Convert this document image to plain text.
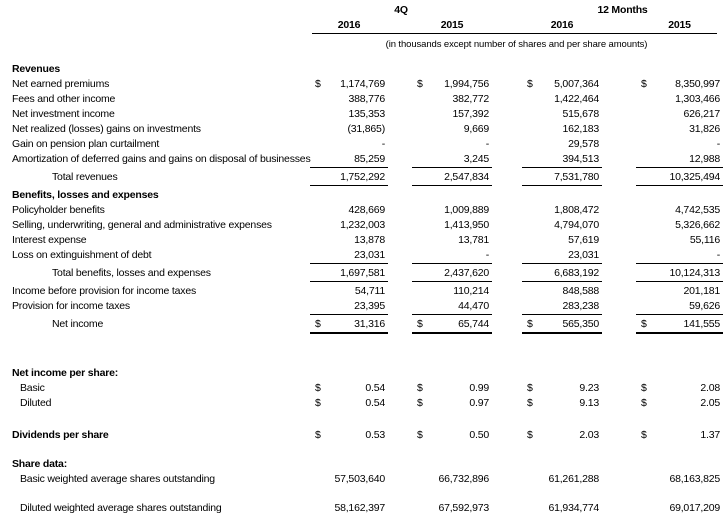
4Q	12 Months
2016	2015	2016	2015
(in thousands except number of shares and per share amounts)
Revenues
Net earned premiums	$	1,174,769	$	1,994,756	$	5,007,364	$	8,350,997
Fees and other income	388,776	382,772	1,422,464	1,303,466
Net investment income	135,353	157,392	515,678	626,217
Net realized (losses) gains on investments	(31,865)	9,669	162,183	31,826
Gain on pension plan curtailment	-	-	29,578	-
Amortization of deferred gains and gains on disposal of businesses	85,259	3,245	394,513	12,988
Total revenues	1,752,292	2,547,834	7,531,780	10,325,494
Benefits, losses and expenses
Policyholder benefits	428,669	1,009,889	1,808,472	4,742,535
Selling, underwriting, general and administrative expenses	1,232,003	1,413,950	4,794,070	5,326,662
Interest expense	13,878	13,781	57,619	55,116
Loss on extinguishment of debt	23,031	-	23,031	-
Total benefits, losses and expenses	1,697,581	2,437,620	6,683,192	10,124,313
Income before provision for income taxes	54,711	110,214	848,588	201,181
Provision for income taxes	23,395	44,470	283,238	59,626
Net income	$	31,316	$	65,744	$	565,350	$	141,555
Net income per share:
Basic	$	0.54	$	0.99	$	9.23	$	2.08
Diluted	$	0.54	$	0.97	$	9.13	$	2.05
Dividends per share	$	0.53	$	0.50	$	2.03	$	1.37
Share data:
Basic weighted average shares outstanding	57,503,640	66,732,896	61,261,288	68,163,825
Diluted weighted average shares outstanding	58,162,397	67,592,973	61,934,774	69,017,209
